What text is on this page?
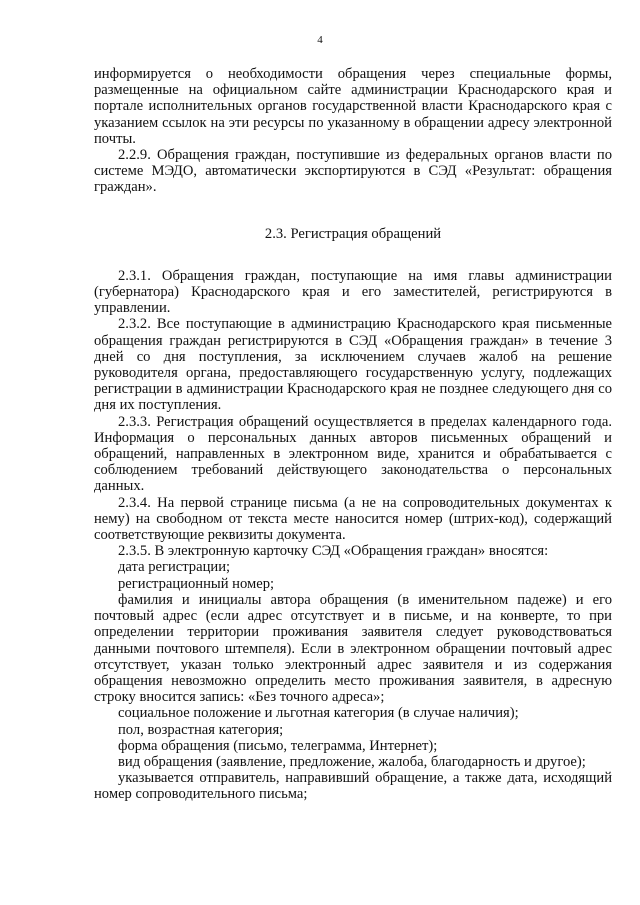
4

информируется о необходимости обращения через специальные формы, размещенные на официальном сайте администрации Краснодарского края и портале исполнительных органов государственной власти Краснодарского края с указанием ссылок на эти ресурсы по указанному в обращении адресу электронной почты.

2.2.9. Обращения граждан, поступившие из федеральных органов власти по системе МЭДО, автоматически экспортируются в СЭД «Результат: обращения граждан».

2.3. Регистрация обращений

2.3.1. Обращения граждан, поступающие на имя главы администрации (губернатора) Краснодарского края и его заместителей, регистрируются в управлении.

2.3.2. Все поступающие в администрацию Краснодарского края письменные обращения граждан регистрируются в СЭД «Обращения граждан» в течение 3 дней со дня поступления, за исключением случаев жалоб на решение руководителя органа, предоставляющего государственную услугу, подлежащих регистрации в администрации Краснодарского края не позднее следующего дня со дня их поступления.

2.3.3. Регистрация обращений осуществляется в пределах календарного года. Информация о персональных данных авторов письменных обращений и обращений, направленных в электронном виде, хранится и обрабатывается с соблюдением требований действующего законодательства о персональных данных.

2.3.4. На первой странице письма (а не на сопроводительных документах к нему) на свободном от текста месте наносится номер (штрих-код), содержащий соответствующие реквизиты документа.

2.3.5. В электронную карточку СЭД «Обращения граждан» вносятся:

дата регистрации;

регистрационный номер;

фамилия и инициалы автора обращения (в именительном падеже) и его почтовый адрес (если адрес отсутствует и в письме, и на конверте, то при определении территории проживания заявителя следует руководствоваться данными почтового штемпеля). Если в электронном обращении почтовый адрес отсутствует, указан только электронный адрес заявителя и из содержания обращения невозможно определить место проживания заявителя, в адресную строку вносится запись: «Без точного адреса»;

социальное положение и льготная категория (в случае наличия);

пол, возрастная категория;

форма обращения (письмо, телеграмма, Интернет);

вид обращения (заявление, предложение, жалоба, благодарность и другое);

указывается отправитель, направивший обращение, а также дата, исходящий номер сопроводительного письма;
